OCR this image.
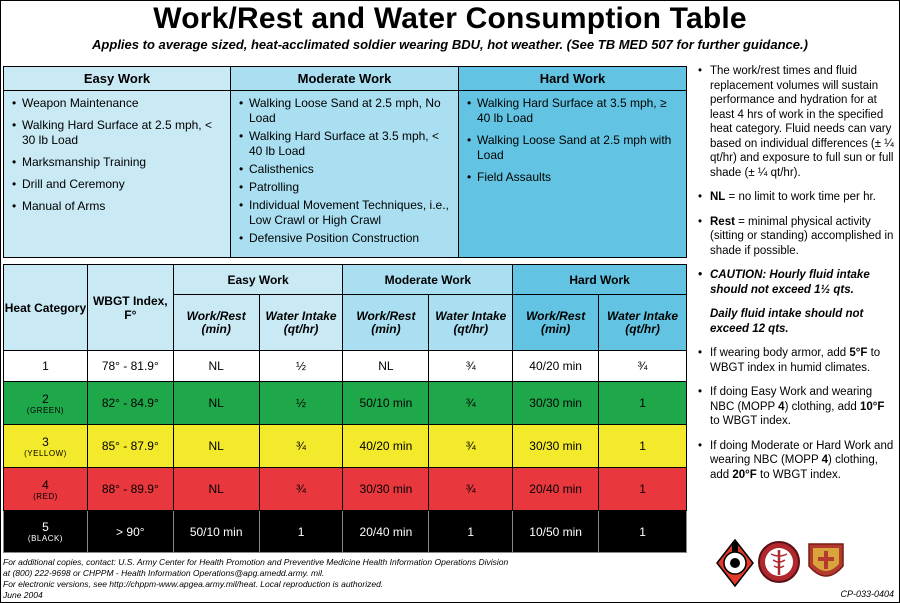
Work/Rest and Water Consumption Table
Applies to average sized, heat-acclimated soldier wearing BDU, hot weather. (See TB MED 507 for further guidance.)
Easy Work
• Weapon Maintenance
• Walking Hard Surface at 2.5 mph, < 30 lb Load
• Marksmanship Training
• Drill and Ceremony
• Manual of Arms
Moderate Work
• Walking Loose Sand at 2.5 mph, No Load
• Walking Hard Surface at 3.5 mph, < 40 lb Load
• Calisthenics
• Patrolling
• Individual Movement Techniques, i.e., Low Crawl or High Crawl
• Defensive Position Construction
Hard Work
• Walking Hard Surface at 3.5 mph, ≥ 40 lb Load
• Walking Loose Sand at 2.5 mph with Load
• Field Assaults
Heat Category	WBGT Index, F°	Easy Work		Moderate Work		Hard Work	
		Work/Rest (min)	Water Intake (qt/hr)	Work/Rest (min)	Water Intake (qt/hr)	Work/Rest (min)	Water Intake (qt/hr)

1	78° - 81.9°	NL	½	NL	¾	40/20 min	¾

2
(GREEN)	82° - 84.9°	NL	½	50/10 min	¾	30/30 min	1

3
(YELLOW)	85° - 87.9°	NL	¾	40/20 min	¾	30/30 min	1

4
(RED)	88° - 89.9°	NL	¾	30/30 min	¾	20/40 min	1

5
(BLACK)	> 90°	50/10 min	1	20/40 min	1	10/50 min	1
• The work/rest times and fluid replacement volumes will sustain performance and hydration for at least 4 hrs of work in the specified heat category. Fluid needs can vary based on individual differences (± ¼ qt/hr) and exposure to full sun or full shade (± ¼ qt/hr).
• NL = no limit to work time per hr.
• Rest = minimal physical activity (sitting or standing) accomplished in shade if possible.
• CAUTION: Hourly fluid intake should not exceed 1½ qts.
Daily fluid intake should not exceed 12 qts.
• If wearing body armor, add 5°F to WBGT index in humid climates.
• If doing Easy Work and wearing NBC (MOPP 4) clothing, add 10°F to WBGT index.
• If doing Moderate or Hard Work and wearing NBC (MOPP 4) clothing, add 20°F to WBGT index.
For additional copies, contact: U.S. Army Center for Health Promotion and Preventive Medicine Health Information Operations Division
at (800) 222-9698 or CHPPM - Health Information Operations@apg.amedd.army. mil.
For electronic versions, see http://chppm-www.apgea.army.mil/heat. Local reproduction is authorized.
June 2004	CP-033-0404
